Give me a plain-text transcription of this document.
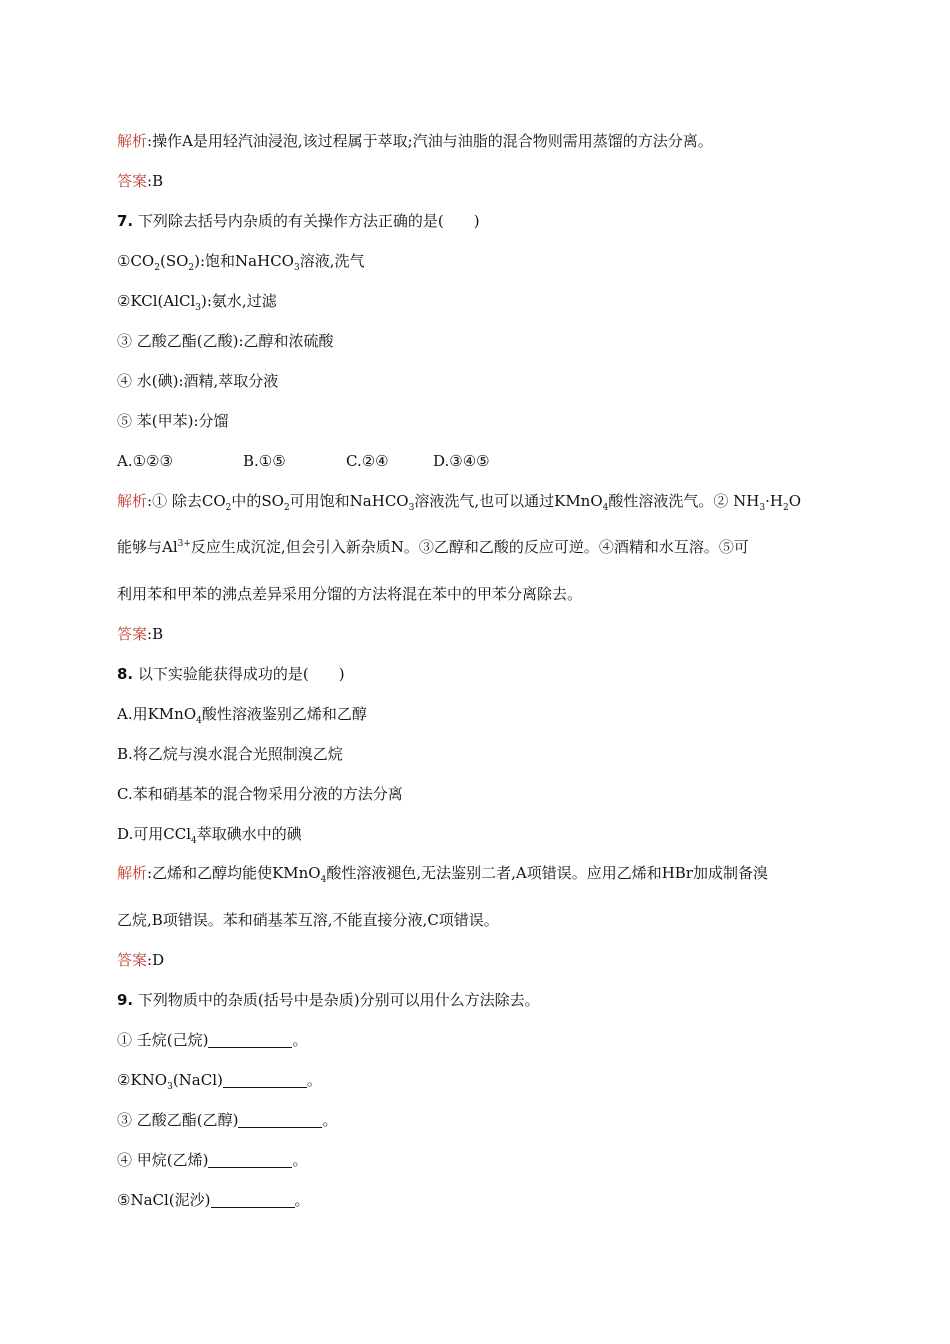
解析:操作A是用轻汽油浸泡,该过程属于萃取;汽油与油脂的混合物则需用蒸馏的方法分离。
答案:B
7. 下列除去括号内杂质的有关操作方法正确的是(　　)
$①CO_2(SO_2)$:饱和NaHCO$_3$溶液,洗气
②KCl(AlCl$_3$):氨水,过滤
③ 乙酸乙酯(乙酸):乙醇和浓硫酸
④ 水(碘):酒精,萃取分液
⑤ 苯(甲苯):分馏
A.①②③	B.①⑤	C.②④	D.③④⑤
解析:① 除去$CO_2$中的$SO_2$可用饱和NaHCO$_3$溶液洗气,也可以通过KMnO$_4$酸性溶液洗气。② $NH_3\cdot H_2O$
能够与$Al^{3+}$反应生成沉淀,但会引入新杂质N。③乙醇和乙酸的反应可逆。④酒精和水互溶。⑤可
利用苯和甲苯的沸点差异采用分馏的方法将混在苯中的甲苯分离除去。
答案:B
8. 以下实验能获得成功的是(　　)
A.用KMnO$_4$酸性溶液鉴别乙烯和乙醇
B.将乙烷与溴水混合光照制溴乙烷
C.苯和硝基苯的混合物采用分液的方法分离
D.可用CCl$_4$萃取碘水中的碘
解析:乙烯和乙醇均能使KMnO$_4$酸性溶液褪色,无法鉴别二者,A项错误。应用乙烯和HBr加成制备溴
乙烷,B项错误。苯和硝基苯互溶,不能直接分液,C项错误。
答案:D
9. 下列物质中的杂质(括号中是杂质)分别可以用什么方法除去。
① 壬烷(己烷)	。
$②KNO_3(NaCl)$	。
③ 乙酸乙酯(乙醇)	。
④ 甲烷(乙烯)	。
⑤NaCl(泥沙)	。
